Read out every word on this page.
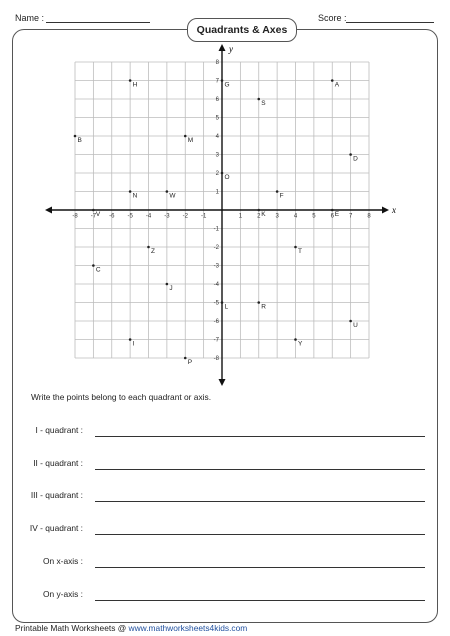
Name :	Score :
Quadrants & Axes
x
y
-8 -7 -6 -5 -4 -3 -2 -1	1	2	3	4	5	6	7	8
8
7
6
5
4
3
2
1
-1
-2
-3
-4
-5
-6
-7
-8
A
B
C
D
E
F
G
H
I
J
K
L
M
N
O
P
R
S
T
U
V
W
Y
Z
Write the points belong to each quadrant or axis.
I - quadrant :
II - quadrant :
III - quadrant :
IV - quadrant :
On x-axis :
On y-axis :
Printable Math Worksheets @ www.mathworksheets4kids.com
